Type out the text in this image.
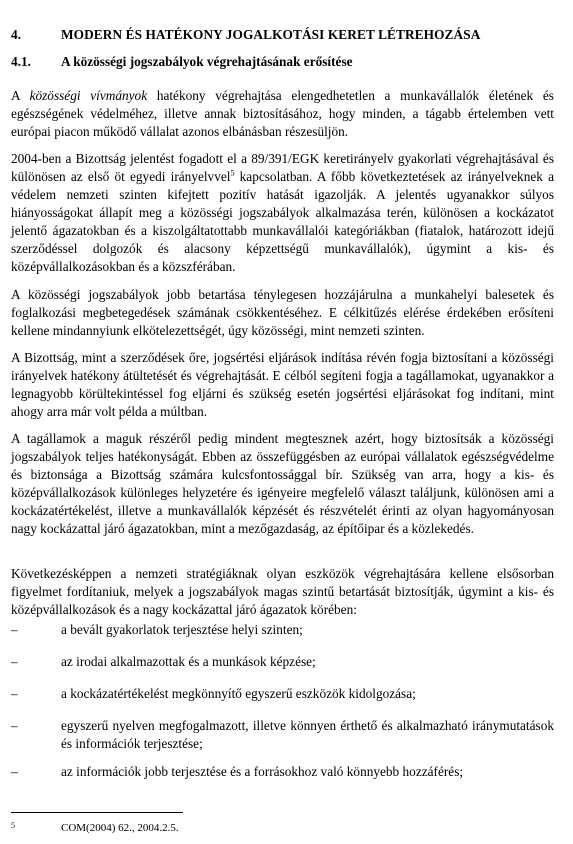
4.	MODERN ÉS HATÉKONY JOGALKOTÁSI KERET LÉTREHOZÁSA
4.1. A közösségi jogszabályok végrehajtásának erősítése
A közösségi vívmányok hatékony végrehajtása elengedhetetlen a munkavállalók életének és egészségének védelméhez, illetve annak biztosításához, hogy minden, a tágabb értelemben vett európai piacon működő vállalat azonos elbánásban részesüljön.
2004-ben a Bizottság jelentést fogadott el a 89/391/EGK keretirányelv gyakorlati végrehajtásával és különösen az első öt egyedi irányelvvel$^5$ kapcsolatban. A főbb következtetések az irányelveknek a védelem nemzeti szinten kifejtett pozitív hatását igazolják. A jelentés ugyanakkor súlyos hiányosságokat állapít meg a közösségi jogszabályok alkalmazása terén, különösen a kockázatot jelentő ágazatokban és a kiszolgáltatottabb munkavállalói kategóriákban (fiatalok, határozott idejű szerződéssel dolgozók és alacsony képzettségű munkavállalók), úgymint a kis- és középvállalkozásokban és a közszférában.
A közösségi jogszabályok jobb betartása ténylegesen hozzájárulna a munkahelyi balesetek és foglalkozási megbetegedések számának csökkentéséhez. E célkitűzés elérése érdekében erősíteni kellene mindannyiunk elkötelezettségét, úgy közösségi, mint nemzeti szinten.
A Bizottság, mint a szerződések őre, jogsértési eljárások indítása révén fogja biztosítani a közösségi irányelvek hatékony átültetését és végrehajtását. E célból segíteni fogja a tagállamokat, ugyanakkor a legnagyobb körültekintéssel fog eljárni és szükség esetén jogsértési eljárásokat fog indítani, mint ahogy arra már volt példa a múltban.
A tagállamok a maguk részéről pedig mindent megtesznek azért, hogy biztosítsák a közösségi jogszabályok teljes hatékonyságát. Ebben az összefüggésben az európai vállalatok egészségvédelme és biztonsága a Bizottság számára kulcsfontossággal bír. Szükség van arra, hogy a kis- és középvállalkozások különleges helyzetére és igényeire megfelelő választ találjunk, különösen ami a kockázatértékelést, illetve a munkavállalók képzését és részvételét érinti az olyan hagyományosan nagy kockázattal járó ágazatokban, mint a mezőgazdaság, az építőipar és a közlekedés.
Következésképpen a nemzeti stratégiáknak olyan eszközök végrehajtására kellene elsősorban figyelmet fordítaniuk, melyek a jogszabályok magas szintű betartását biztosítják, úgymint a kis- és középvállalkozások és a nagy kockázattal járó ágazatok körében:
–	a bevált gyakorlatok terjesztése helyi szinten;
–	az irodai alkalmazottak és a munkások képzése;
–	a kockázatértékelést megkönnyítő egyszerű eszközök kidolgozása;
–	egyszerű nyelven megfogalmazott, illetve könnyen érthető és alkalmazható iránymutatások és információk terjesztése;
–	az információk jobb terjesztése és a forrásokhoz való könnyebb hozzáférés;
5	COM(2004) 62., 2004.2.5.
